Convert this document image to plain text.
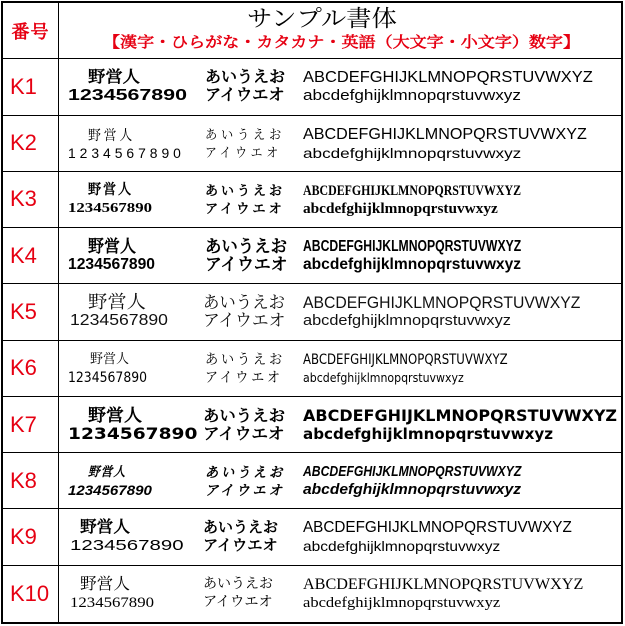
番号
サンプル書体
【漢字・ひらがな・カタカナ・英語（大文字・小文字）数字】
K1	野営人
1234567890
あいうえお
アイウエオ
ABCDEFGHIJKLMNOPQRSTUVWXYZ
abcdefghijklmnopqrstuvwxyz
K2	野営人
1234567890
あいうえお
アイウエオ
ABCDEFGHIJKLMNOPQRSTUVWXYZ
abcdefghijklmnopqrstuvwxyz
K3	野営人
1234567890
あいうえお
アイウエオ
ABCDEFGHIJKLMNOPQRSTUVWXYZ
abcdefghijklmnopqrstuvwxyz
K4	野営人
1234567890
あいうえお
アイウエオ
ABCDEFGHIJKLMNOPQRSTUVWXYZ
abcdefghijklmnopqrstuvwxyz
K5	野営人
1234567890
あいうえお
アイウエオ
ABCDEFGHIJKLMNOPQRSTUVWXYZ
abcdefghijklmnopqrstuvwxyz
K6	野営人
1234567890
あいうえお
アイウエオ
ABCDEFGHIJKLMNOPQRSTUVWXYZ
abcdefghijklmnopqrstuvwxyz
K7	野営人
1234567890
あいうえお
アイウエオ
ABCDEFGHIJKLMNOPQRSTUVWXYZ
abcdefghijklmnopqrstuvwxyz
K8	野営人
1234567890
あいうえお
アイウエオ
ABCDEFGHIJKLMNOPQRSTUVWXYZ
abcdefghijklmnopqrstuvwxyz
K9	野営人
1234567890
あいうえお
アイウエオ
ABCDEFGHIJKLMNOPQRSTUVWXYZ
abcdefghijklmnopqrstuvwxyz
K10 野営人
1234567890
あいうえお
アイウエオ
ABCDEFGHIJKLMNOPQRSTUVWXYZ
abcdefghijklmnopqrstuvwxyz
